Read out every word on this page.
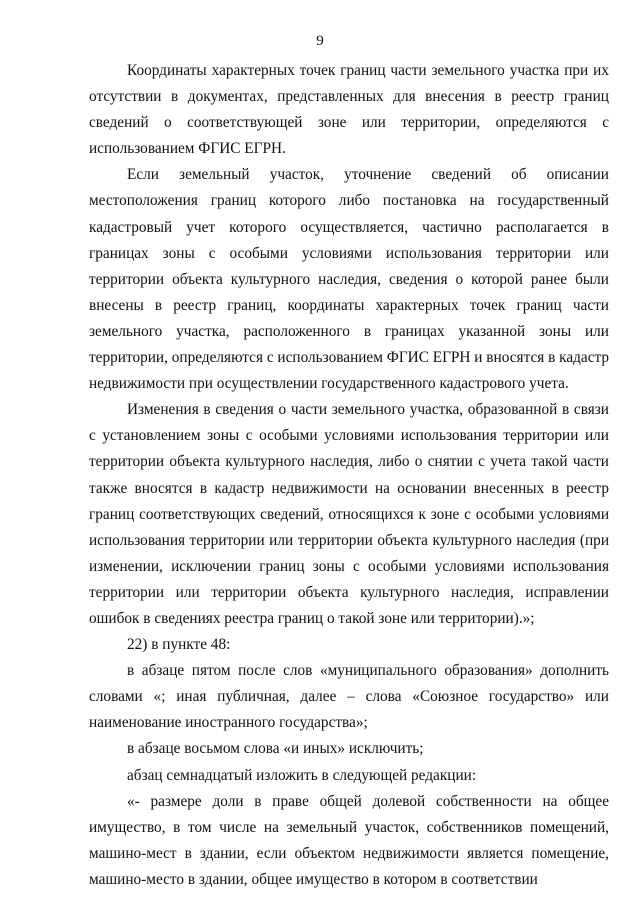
9

Координаты характерных точек границ части земельного участка при их отсутствии в документах, представленных для внесения в реестр границ сведений о соответствующей зоне или территории, определяются с использованием ФГИС ЕГРН.

Если земельный участок, уточнение сведений об описании местоположения границ которого либо постановка на государственный кадастровый учет которого осуществляется, частично располагается в границах зоны с особыми условиями использования территории или территории объекта культурного наследия, сведения о которой ранее были внесены в реестр границ, координаты характерных точек границ части земельного участка, расположенного в границах указанной зоны или территории, определяются с использованием ФГИС ЕГРН и вносятся в кадастр недвижимости при осуществлении государственного кадастрового учета.

Изменения в сведения о части земельного участка, образованной в связи с установлением зоны с особыми условиями использования территории или территории объекта культурного наследия, либо о снятии с учета такой части также вносятся в кадастр недвижимости на основании внесенных в реестр границ соответствующих сведений, относящихся к зоне с особыми условиями использования территории или территории объекта культурного наследия (при изменении, исключении границ зоны с особыми условиями использования территории или территории объекта культурного наследия, исправлении ошибок в сведениях реестра границ о такой зоне или территории).»;

22) в пункте 48:

в абзаце пятом после слов «муниципального образования» дополнить словами «; иная публичная, далее – слова «Союзное государство» или наименование иностранного государства»;

в абзаце восьмом слова «и иных» исключить;

абзац семнадцатый изложить в следующей редакции:

«- размере доли в праве общей долевой собственности на общее имущество, в том числе на земельный участок, собственников помещений, машино-мест в здании, если объектом недвижимости является помещение, машино-место в здании, общее имущество в котором в соответствии
